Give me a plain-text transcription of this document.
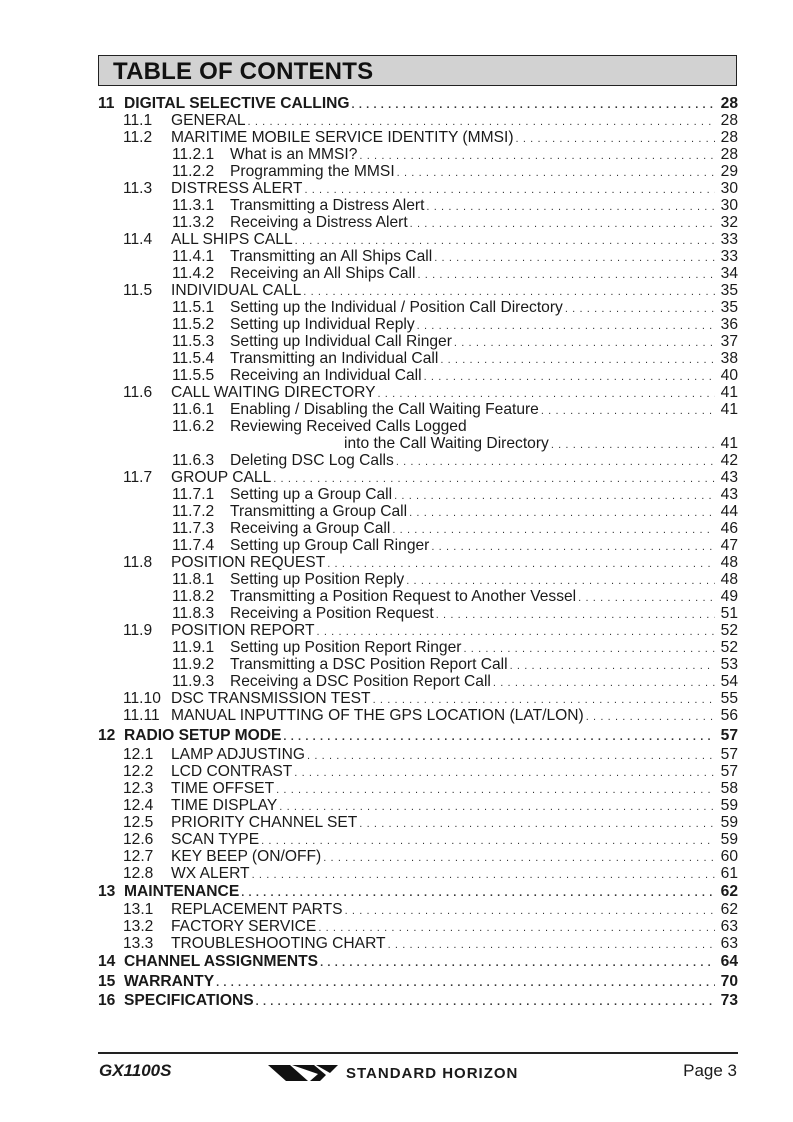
TABLE OF CONTENTS
11 DIGITAL SELECTIVE CALLING . . .	28
11.1	GENERAL . . .	28
11.2	MARITIME MOBILE SERVICE IDENTITY (MMSI) . . .	28
11.2.1	What is an MMSI? . . .	28
11.2.2	Programming the MMSI . . .	29
11.3	DISTRESS ALERT . . .	30
11.3.1	Transmitting a Distress Alert . . .	30
11.3.2	Receiving a Distress Alert . . .	32
11.4	ALL SHIPS CALL . . .	33
11.4.1	Transmitting an All Ships Call . . .	33
11.4.2	Receiving an All Ships Call . . .	34
11.5	INDIVIDUAL CALL . . .	35
11.5.1	Setting up the Individual / Position Call Directory . . .	35
11.5.2	Setting up Individual Reply . . .	36
11.5.3	Setting up Individual Call Ringer . . .	37
11.5.4	Transmitting an Individual Call . . .	38
11.5.5	Receiving an Individual Call . . .	40
11.6	CALL WAITING DIRECTORY . . .	41
11.6.1	Enabling / Disabling the Call Waiting Feature . . .	41
11.6.2	Reviewing Received Calls Logged
into the Call Waiting Directory . . .	41
11.6.3	Deleting DSC Log Calls . . .	42
11.7	GROUP CALL . . .	43
11.7.1	Setting up a Group Call . . .	43
11.7.2	Transmitting a Group Call . . .	44
11.7.3	Receiving a Group Call . . .	46
11.7.4	Setting up Group Call Ringer . . .	47
11.8	POSITION REQUEST . . .	48
11.8.1	Setting up Position Reply . . .	48
11.8.2	Transmitting a Position Request to Another Vessel . . .	49
11.8.3	Receiving a Position Request . . .	51
11.9	POSITION REPORT . . .	52
11.9.1	Setting up Position Report Ringer . . .	52
11.9.2	Transmitting a DSC Position Report Call . . .	53
11.9.3	Receiving a DSC Position Report Call . . .	54
11.10 DSC TRANSMISSION TEST . . .	55
11.11 MANUAL INPUTTING OF THE GPS LOCATION (LAT/LON) . . .	56
12 RADIO SETUP MODE . . .	57
12.1	LAMP ADJUSTING . . .	57
12.2	LCD CONTRAST . . .	57
12.3	TIME OFFSET . . .	58
12.4	TIME DISPLAY . . .	59
12.5	PRIORITY CHANNEL SET . . .	59
12.6	SCAN TYPE . . .	59
12.7	KEY BEEP (ON/OFF) . . .	60
12.8	WX ALERT . . .	61
13 MAINTENANCE . . .	62
13.1	REPLACEMENT PARTS . . .	62
13.2	FACTORY SERVICE . . .	63
13.3	TROUBLESHOOTING CHART . . .	63
14 CHANNEL ASSIGNMENTS . . .	64
15 WARRANTY . . .	70
16 SPECIFICATIONS . . .	73
GX1100S	STANDARD HORIZON	Page 3
